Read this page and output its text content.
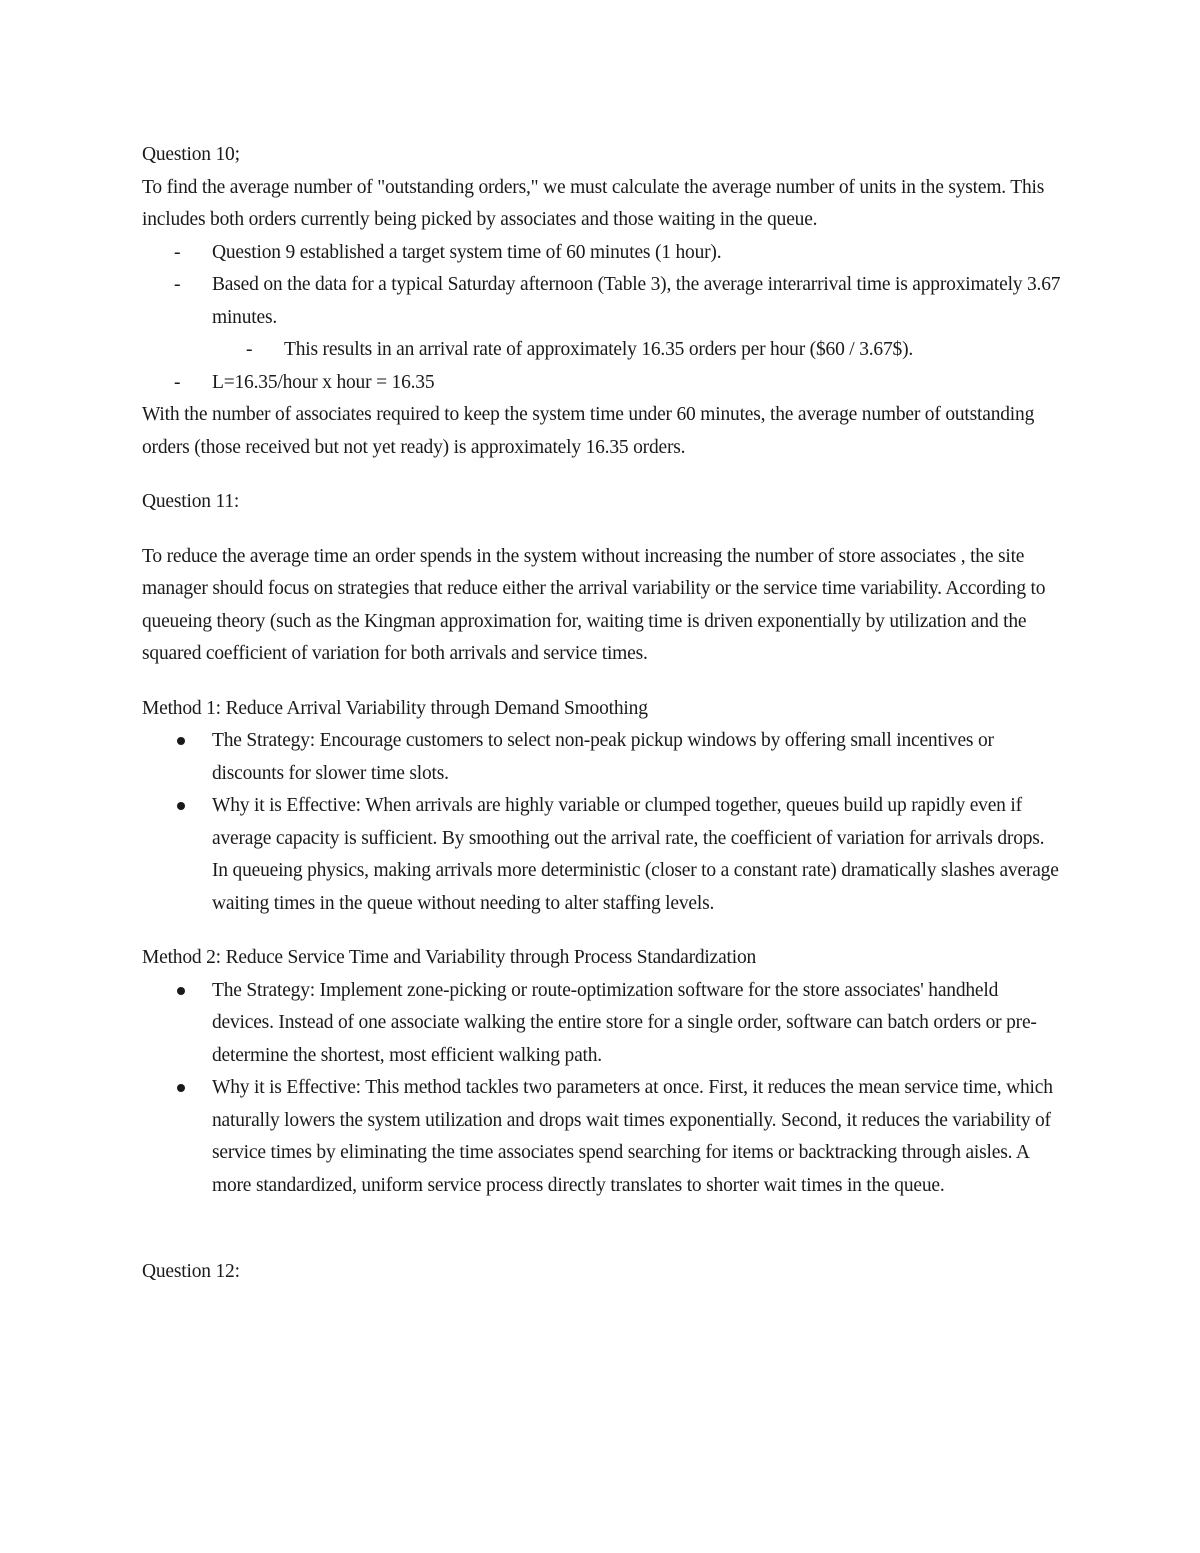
Question 10;

To find the average number of "outstanding orders," we must calculate the average number of units in the system. This includes both orders currently being picked by associates and those waiting in the queue.

- Question 9 established a target system time of 60 minutes (1 hour).
- Based on the data for a typical Saturday afternoon (Table 3), the average interarrival time is approximately 3.67 minutes.
- This results in an arrival rate of approximately 16.35 orders per hour ($60 / 3.67$).
- L=16.35/hour x hour = 16.35

With the number of associates required to keep the system time under 60 minutes, the average number of outstanding orders (those received but not yet ready) is approximately 16.35 orders.

Question 11:

To reduce the average time an order spends in the system without increasing the number of store associates , the site manager should focus on strategies that reduce either the arrival variability or the service time variability. According to queueing theory (such as the Kingman approximation for, waiting time is driven exponentially by utilization and the squared coefficient of variation for both arrivals and service times.

Method 1: Reduce Arrival Variability through Demand Smoothing

The Strategy: Encourage customers to select non-peak pickup windows by offering small incentives or discounts for slower time slots.
Why it is Effective: When arrivals are highly variable or clumped together, queues build up rapidly even if average capacity is sufficient. By smoothing out the arrival rate, the coefficient of variation for arrivals drops. In queueing physics, making arrivals more deterministic (closer to a constant rate) dramatically slashes average waiting times in the queue without needing to alter staffing levels.

Method 2: Reduce Service Time and Variability through Process Standardization

The Strategy: Implement zone-picking or route-optimization software for the store associates' handheld devices. Instead of one associate walking the entire store for a single order, software can batch orders or pre-determine the shortest, most efficient walking path.
Why it is Effective: This method tackles two parameters at once. First, it reduces the mean service time, which naturally lowers the system utilization and drops wait times exponentially. Second, it reduces the variability of service times by eliminating the time associates spend searching for items or backtracking through aisles. A more standardized, uniform service process directly translates to shorter wait times in the queue.

Question 12:
